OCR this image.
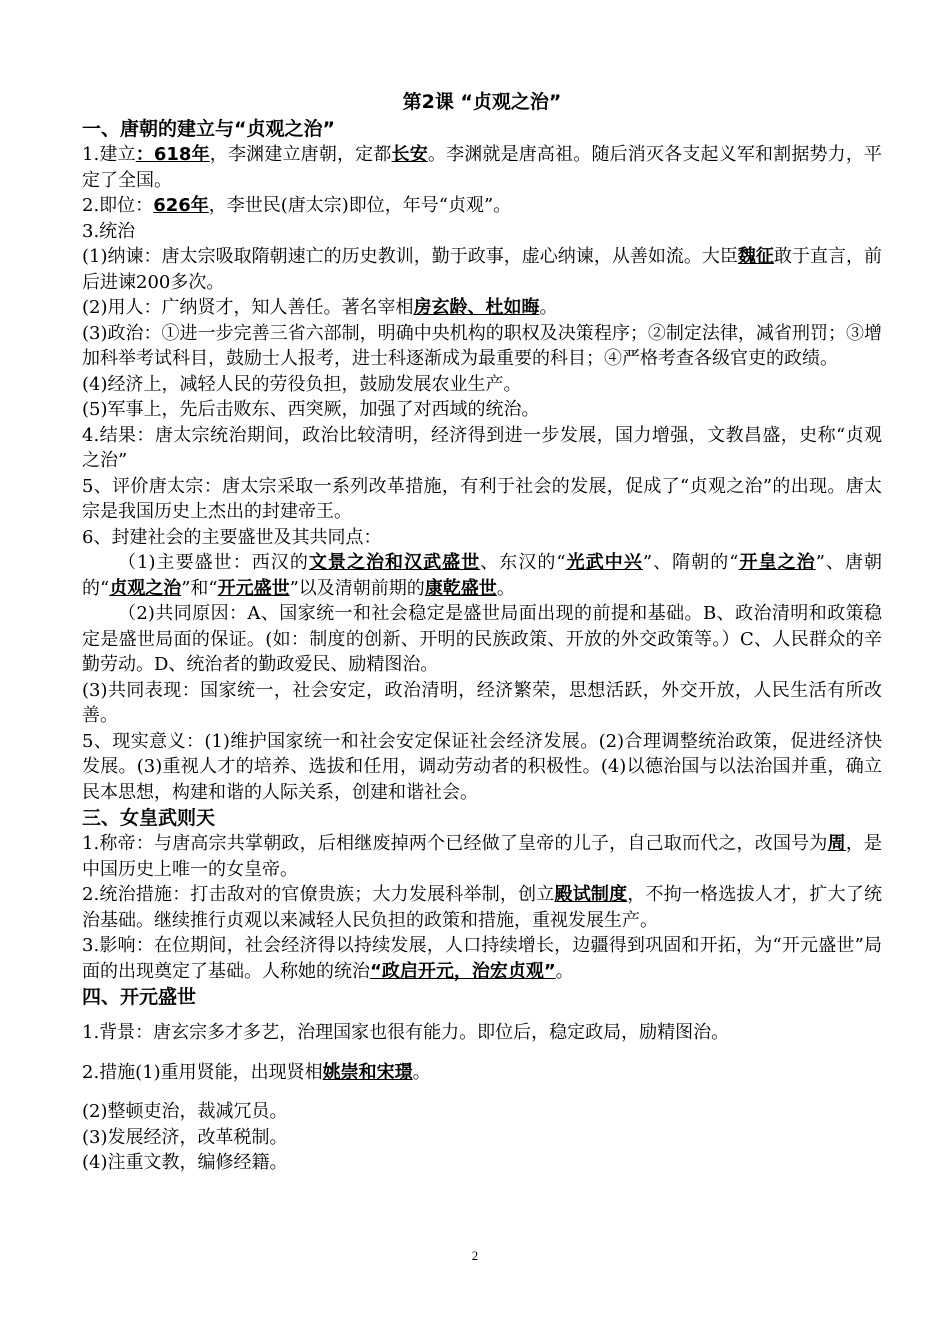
第2课 “贞观之治”
一、唐朝的建立与“贞观之治”

1.建立：618年，李渊建立唐朝，定都长安。李渊就是唐高祖。随后消灭各支起义军和割据势力，平定了全国。

2.即位：626年，李世民(唐太宗)即位，年号“贞观”。

3.统治

(1)纳谏：唐太宗吸取隋朝速亡的历史教训，勤于政事，虚心纳谏，从善如流。大臣魏征敢于直言，前后进谏200多次。

(2)用人：广纳贤才，知人善任。著名宰相房玄龄、杜如晦。

(3)政治：①进一步完善三省六部制，明确中央机构的职权及决策程序；②制定法律，减省刑罚；③增加科举考试科目，鼓励士人报考，进士科逐渐成为最重要的科目；④严格考查各级官吏的政绩。

(4)经济上，减轻人民的劳役负担，鼓励发展农业生产。

(5)军事上，先后击败东、西突厥，加强了对西域的统治。

4.结果：唐太宗统治期间，政治比较清明，经济得到进一步发展，国力增强，文教昌盛，史称“贞观之治”

5、评价唐太宗：唐太宗采取一系列改革措施，有利于社会的发展，促成了“贞观之治”的出现。唐太宗是我国历史上杰出的封建帝王。

6、封建社会的主要盛世及其共同点：

（1)主要盛世：西汉的文景之治和汉武盛世、东汉的“光武中兴”、隋朝的“开皇之治”、唐朝的“贞观之治”和“开元盛世”以及清朝前期的康乾盛世。

（2)共同原因：A、国家统一和社会稳定是盛世局面出现的前提和基础。B、政治清明和政策稳定是盛世局面的保证。(如：制度的创新、开明的民族政策、开放的外交政策等。）C、人民群众的辛勤劳动。D、统治者的勤政爱民、励精图治。

(3)共同表现：国家统一，社会安定，政治清明，经济繁荣，思想活跃，外交开放，人民生活有所改善。

5、现实意义：(1)维护国家统一和社会安定保证社会经济发展。(2)合理调整统治政策，促进经济快发展。(3)重视人才的培养、选拔和任用，调动劳动者的积极性。(4)以德治国与以法治国并重，确立民本思想，构建和谐的人际关系，创建和谐社会。

三、女皇武则天

1.称帝：与唐高宗共掌朝政，后相继废掉两个已经做了皇帝的儿子，自己取而代之，改国号为周，是中国历史上唯一的女皇帝。

2.统治措施：打击敌对的官僚贵族；大力发展科举制，创立殿试制度，不拘一格选拔人才，扩大了统治基础。继续推行贞观以来减轻人民负担的政策和措施，重视发展生产。

3.影响：在位期间，社会经济得以持续发展，人口持续增长，边疆得到巩固和开拓，为“开元盛世”局面的出现奠定了基础。人称她的统治“政启开元，治宏贞观”。

四、开元盛世

1.背景：唐玄宗多才多艺，治理国家也很有能力。即位后，稳定政局，励精图治。

2.措施(1)重用贤能，出现贤相姚崇和宋璟。

(2)整顿吏治，裁减冗员。

(3)发展经济，改革税制。

(4)注重文教，编修经籍。

2
